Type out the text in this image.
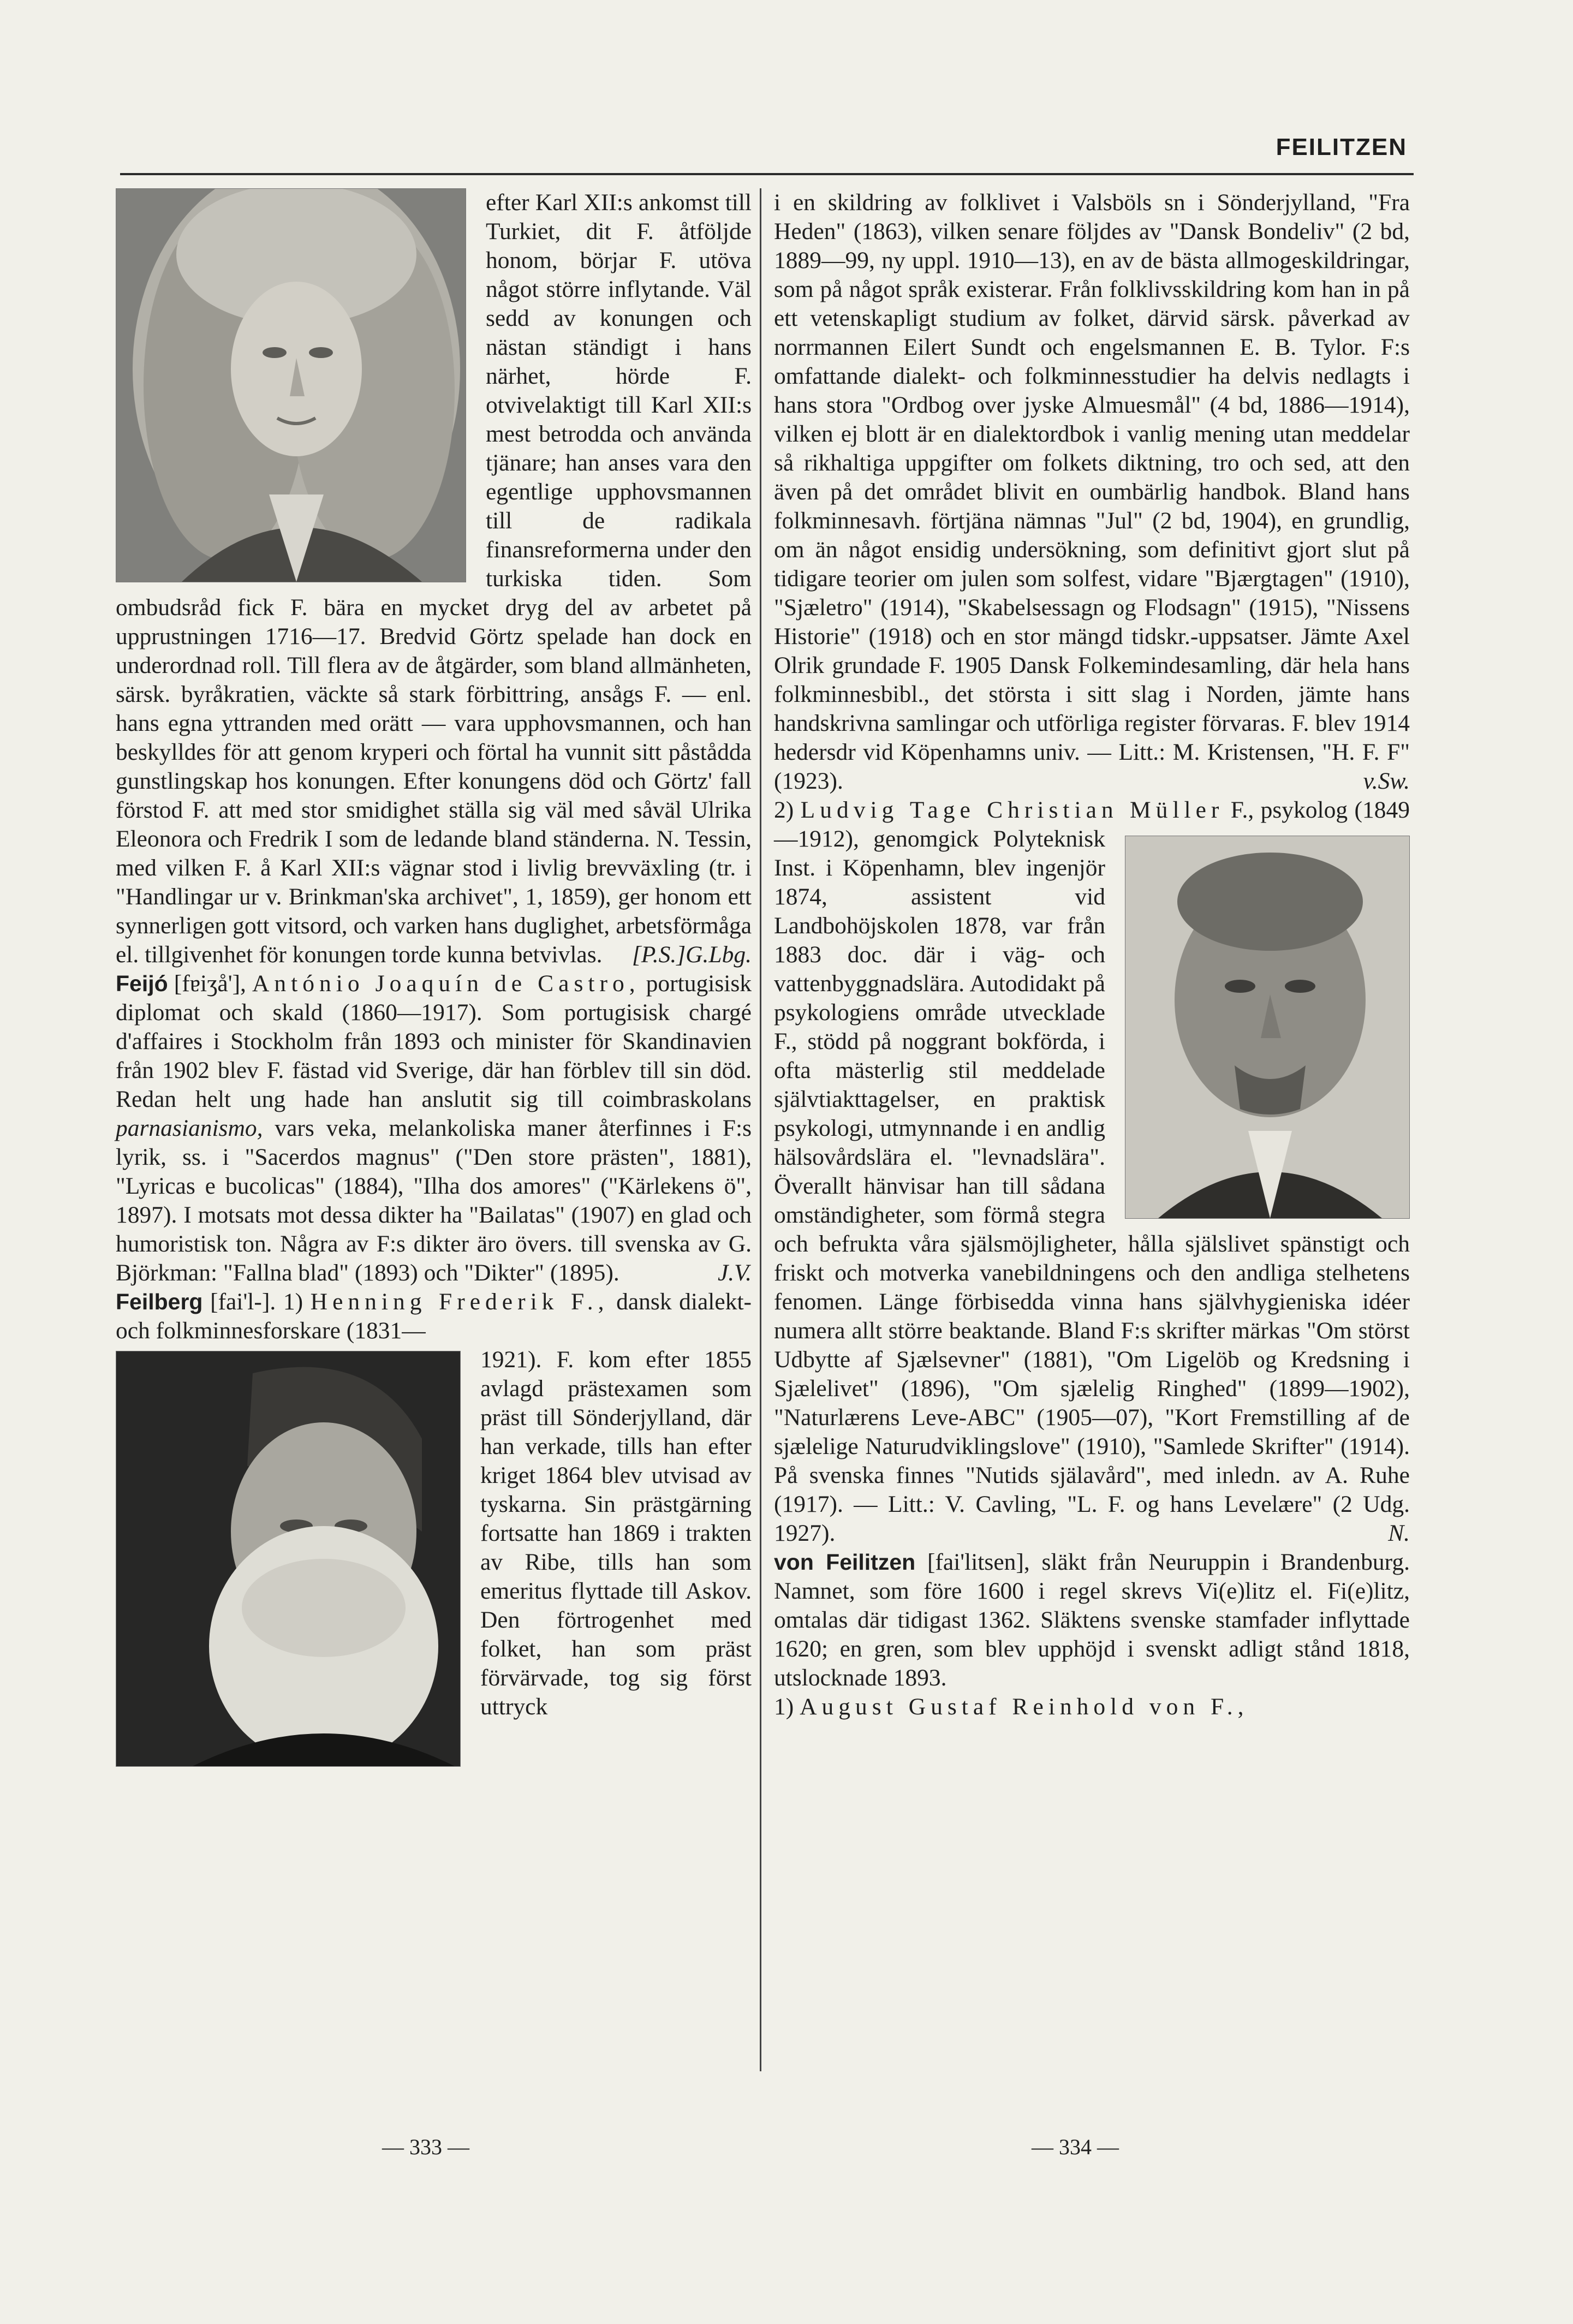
FEILITZEN

efter Karl XII:s ankomst till Turkiet, dit F. åtföljde honom, börjar F. utöva något större inflytande. Väl sedd av konungen och nästan ständigt i hans närhet, hörde F. otvivelaktigt till Karl XII:s mest betrodda och använda tjänare; han anses vara den egentlige upphovsmannen till de radikala finansreformerna under den turkiska tiden. Som ombudsråd fick F. bära en mycket dryg del av arbetet på upprustningen 1716—17. Bredvid Görtz spelade han dock en underordnad roll. Till flera av de åtgärder, som bland allmänheten, särsk. byråkratien, väckte så stark förbittring, ansågs F. — enl. hans egna yttranden med orätt — vara upphovsmannen, och han beskylldes för att genom kryperi och förtal ha vunnit sitt påstådda gunstlingskap hos konungen. Efter konungens död och Görtz' fall förstod F. att med stor smidighet ställa sig väl med såväl Ulrika Eleonora och Fredrik I som de ledande bland ständerna. N. Tessin, med vilken F. å Karl XII:s vägnar stod i livlig brevväxling (tr. i "Handlingar ur v. Brinkman'ska archivet", 1, 1859), ger honom ett synnerligen gott vitsord, och varken hans duglighet, arbetsförmåga el. tillgivenhet för konungen torde kunna betvivlas. [P.S.]G.Lbg.

Feijó [fɐiʒå'], António Joaquín de Castro, portugisisk diplomat och skald (1860—1917). Som portugisisk chargé d'affaires i Stockholm från 1893 och minister för Skandinavien från 1902 blev F. fästad vid Sverige, där han förblev till sin död. Redan helt ung hade han anslutit sig till coimbraskolans parnasianismo, vars veka, melankoliska maner återfinnes i F:s lyrik, ss. i "Sacerdos magnus" ("Den store prästen", 1881), "Lyricas e bucolicas" (1884), "Ilha dos amores" ("Kärlekens ö", 1897). I motsats mot dessa dikter ha "Bailatas" (1907) en glad och humoristisk ton. Några av F:s dikter äro övers. till svenska av G. Björkman: "Fallna blad" (1893) och "Dikter" (1895).	J.V.

Feilberg [fai'l-]. 1) Henning Frederik F., dansk dialekt- och folkminnesforskare (1831—

1921). F. kom efter 1855 avlagd prästexamen som präst till Sönderjylland, där han verkade, tills han efter kriget 1864 blev utvisad av tyskarna. Sin prästgärning fortsatte han 1869 i trakten av Ribe, tills han som emeritus flyttade till Askov. Den förtrogenhet med folket, han som präst förvärvade, tog sig först uttryck

i en skildring av folklivet i Valsböls sn i Sönderjylland, "Fra Heden" (1863), vilken senare följdes av "Dansk Bondeliv" (2 bd, 1889—99, ny uppl. 1910—13), en av de bästa allmogeskildringar, som på något språk existerar. Från folklivsskildring kom han in på ett vetenskapligt studium av folket, därvid särsk. påverkad av norrmannen Eilert Sundt och engelsmannen E. B. Tylor. F:s omfattande dialekt- och folkminnesstudier ha delvis nedlagts i hans stora "Ordbog over jyske Almuesmål" (4 bd, 1886—1914), vilken ej blott är en dialektordbok i vanlig mening utan meddelar så rikhaltiga uppgifter om folkets diktning, tro och sed, att den även på det området blivit en oumbärlig handbok. Bland hans folkminnesavh. förtjäna nämnas "Jul" (2 bd, 1904), en grundlig, om än något ensidig undersökning, som definitivt gjort slut på tidigare teorier om julen som solfest, vidare "Bjærgtagen" (1910), "Sjæletro" (1914), "Skabelsessagn og Flodsagn" (1915), "Nissens Historie" (1918) och en stor mängd tidskr.-uppsatser. Jämte Axel Olrik grundade F. 1905 Dansk Folkemindesamling, där hela hans folkminnesbibl., det största i sitt slag i Norden, jämte hans handskrivna samlingar och utförliga register förvaras. F. blev 1914 hedersdr vid Köpenhamns univ. — Litt.: M. Kristensen, "H. F. F" (1923).	v.Sw.

2) Ludvig Tage Christian Müller F., psykolog (1849—1912), genomgick Polyteknisk Inst. i Köpenhamn, blev ingenjör 1874, assistent vid Landbohöjskolen 1878, var från 1883 doc. där i väg- och vattenbyggnadslära. Autodidakt på psykologiens område utvecklade F., stödd på noggrant bokförda, i ofta mästerlig stil meddelade självtiakttagelser, en praktisk psykologi, utmynnande i en andlig hälsovårdslära el. "levnadslära". Överallt hänvisar han till sådana omständigheter, som förmå stegra och befrukta våra själsmöjligheter, hålla själslivet spänstigt och friskt och motverka vanebildningens och den andliga stelhetens fenomen. Länge förbisedda vinna hans självhygieniska idéer numera allt större beaktande. Bland F:s skrifter märkas "Om störst Udbytte af Sjælsevner" (1881), "Om Ligelöb og Kredsning i Sjælelivet" (1896), "Om sjælelig Ringhed" (1899—1902), "Naturlærens Leve-ABC" (1905—07), "Kort Fremstilling af de sjælelige Naturudviklingslove" (1910), "Samlede Skrifter" (1914). På svenska finnes "Nutids själavård", med inledn. av A. Ruhe (1917). — Litt.: V. Cavling, "L. F. og hans Levelære" (2 Udg. 1927).	N.

von Feilitzen [fai'litsen], släkt från Neuruppin i Brandenburg. Namnet, som före 1600 i regel skrevs Vi(e)litz el. Fi(e)litz, omtalas där tidigast 1362. Släktens svenske stamfader inflyttade 1620; en gren, som blev upphöjd i svenskt adligt stånd 1818, utslocknade 1893.

1) August Gustaf Reinhold von F.,

— 333 —	— 334 —
